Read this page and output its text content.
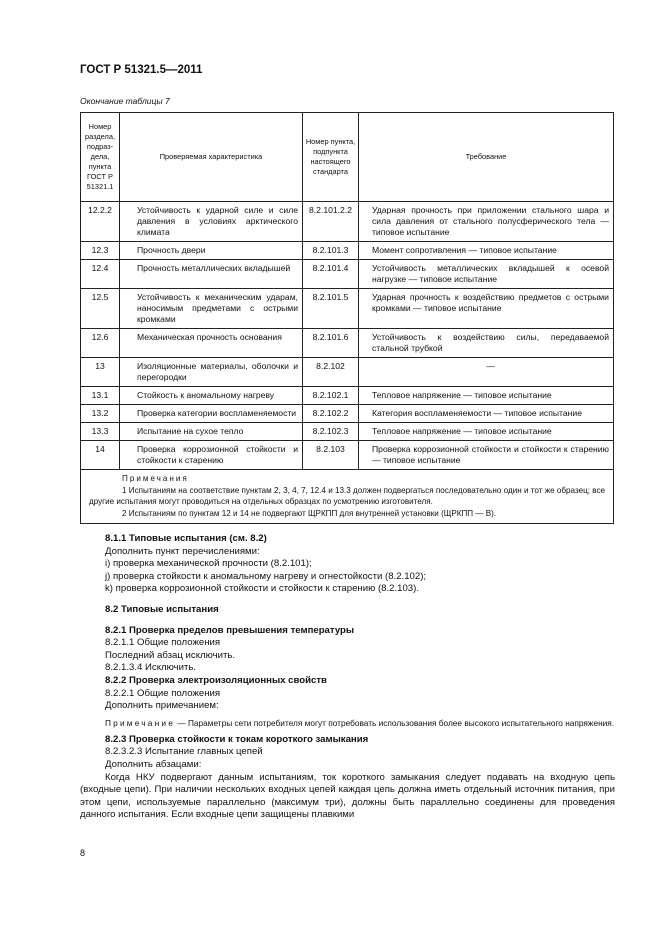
ГОСТ Р 51321.5—2011
Окончание таблицы 7
Номер раздела, подраз-дела, пункта ГОСТ Р 51321.1	Проверяемая характеристика	Номер пункта, подпункта настоящего стандарта	Требование
12.2.2	Устойчивость к ударной силе и силе давления в условиях арктического климата	8.2.101.2.2	Ударная прочность при приложении стального шара и сила давления от стального полусферического тела — типовое испытание
12.3	Прочность двери	8.2.101.3	Момент сопротивления — типовое испытание
12.4	Прочность металлических вкладышей	8.2.101.4	Устойчивость металлических вкладышей к осевой нагрузке — типовое испытание
12.5	Устойчивость к механическим ударам, наносимым предметами с острыми кромками	8.2.101.5	Ударная прочность к воздействию предметов с острыми кромками — типовое испытание
12.6	Механическая прочность основания	8.2.101.6	Устойчивость к воздействию силы, передаваемой стальной трубкой
13	Изоляционные материалы, оболочки и перегородки	8.2.102	—
13.1	Стойкость к аномальному нагреву	8.2.102.1	Тепловое напряжение — типовое испытание
13.2	Проверка категории воспламеняемости	8.2.102.2	Категория воспламеняемости — типовое испытание
13.3	Испытание на сухое тепло	8.2.102.3	Тепловое напряжение — типовое испытание
14	Проверка коррозионной стойкости и стойкости к старению	8.2.103	Проверка коррозионной стойкости и стойкости к старению — типовое испытание

Примечания
1 Испытаниям на соответствие пунктам 2, 3, 4, 7, 12.4 и 13.3 должен подвергаться последовательно один и тот же образец; все другие испытания могут проводиться на отдельных образцах по усмотрению изготовителя.
2 Испытаниям по пунктам 12 и 14 не подвергают ЩРКПП для внутренней установки (ЩРКПП — В).			
8.1.1 Типовые испытания (см. 8.2)
Дополнить пункт перечислениями:
i) проверка механической прочности (8.2.101);
j) проверка стойкости к аномальному нагреву и огнестойкости (8.2.102);
k) проверка коррозионной стойкости и стойкости к старению (8.2.103).
8.2 Типовые испытания
8.2.1 Проверка пределов превышения температуры
8.2.1.1 Общие положения
Последний абзац исключить.
8.2.1.3.4 Исключить.
8.2.2 Проверка электроизоляционных свойств
8.2.2.1 Общие положения
Дополнить примечанием:
Примечание — Параметры сети потребителя могут потребовать использования более высокого испытательного напряжения.
8.2.3 Проверка стойкости к токам короткого замыкания
8.2.3.2.3 Испытание главных цепей
Дополнить абзацами:
Когда НКУ подвергают данным испытаниям, ток короткого замыкания следует подавать на входную цепь (входные цепи). При наличии нескольких входных цепей каждая цепь должна иметь отдельный источник питания, при этом цепи, используемые параллельно (максимум три), должны быть параллельно соединены для проведения данного испытания. Если входные цепи защищены плавкими
8
